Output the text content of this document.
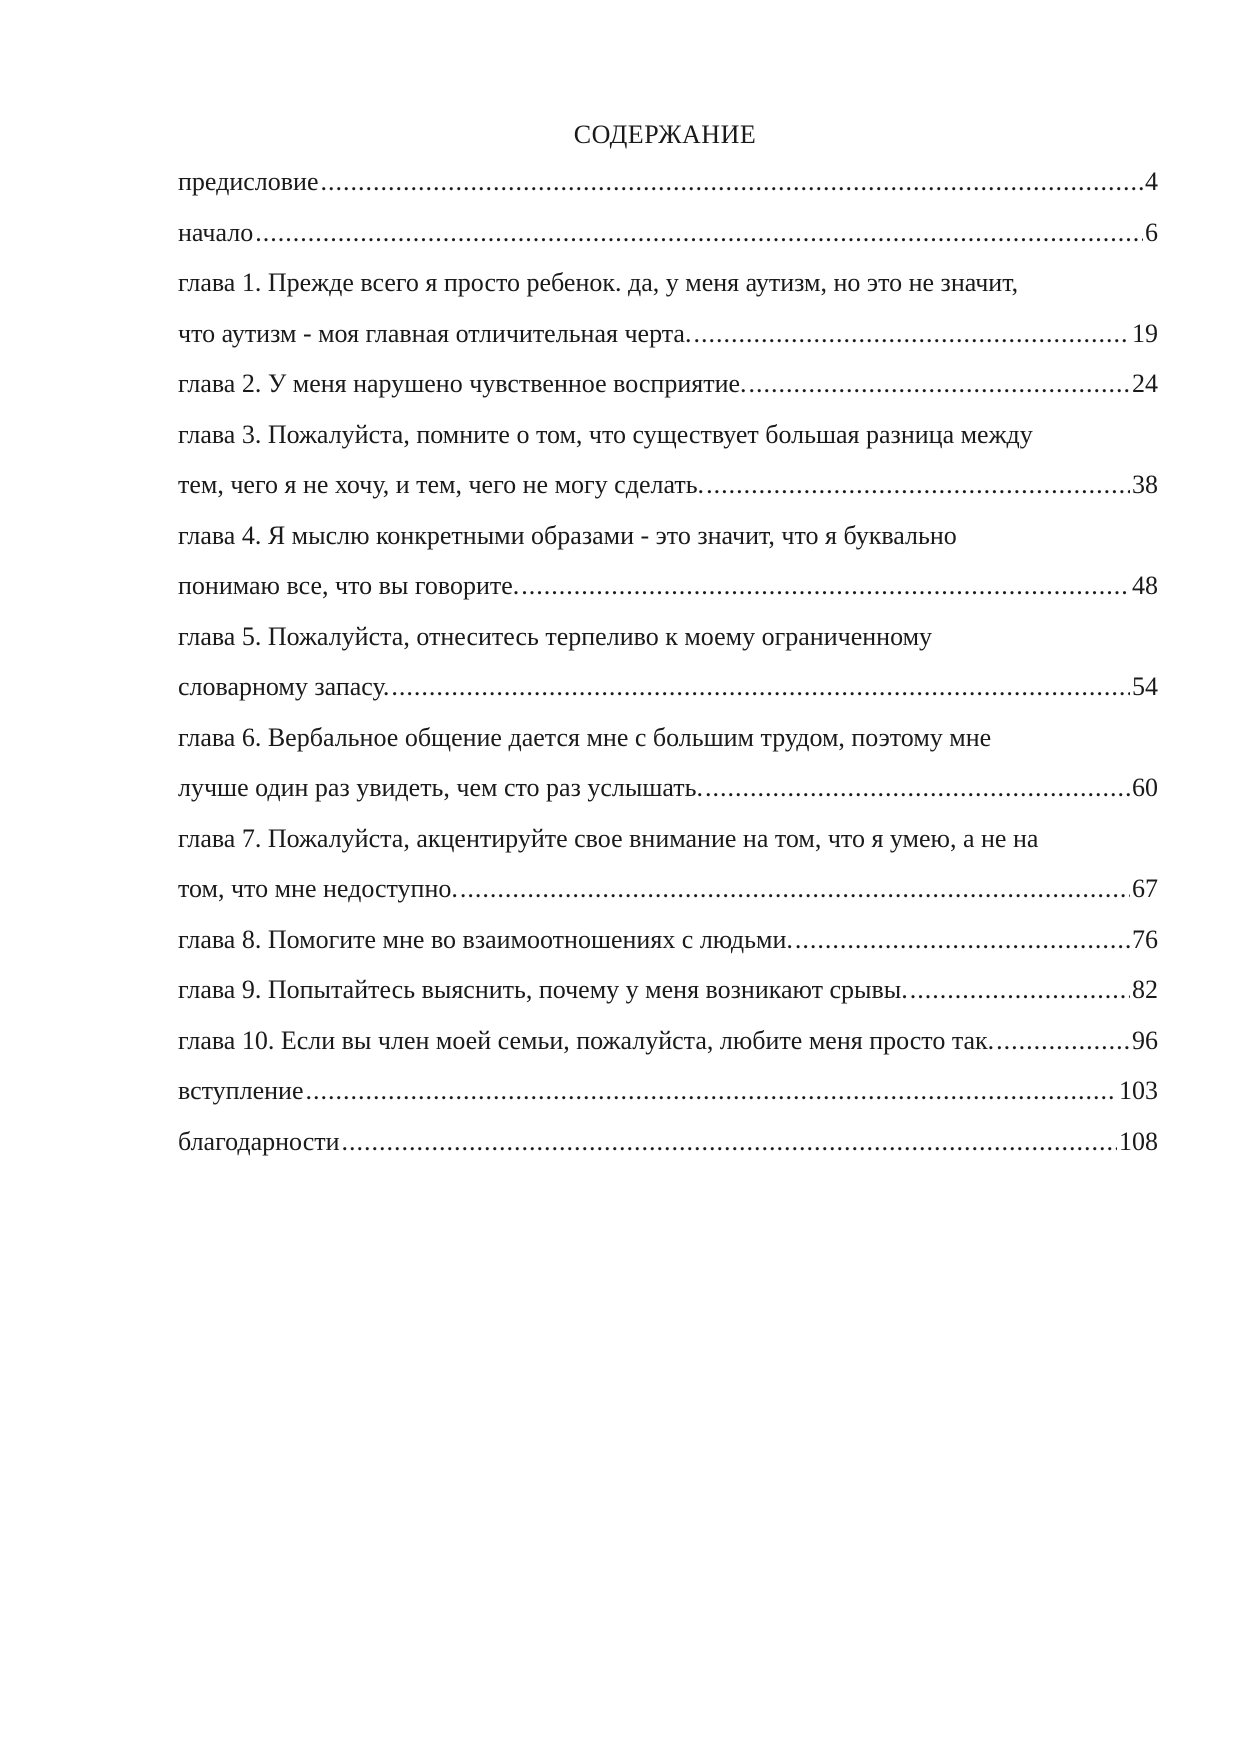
СОДЕРЖАНИЕ
предисловие .....	4
начало .....	6
глава 1. Прежде всего я просто ребенок. да, у меня аутизм, но это не значит,
что аутизм - моя главная отличительная черта. .....	19
глава 2. У меня нарушено чувственное восприятие. .....	24
глава 3. Пожалуйста, помните о том, что существует большая разница между
тем, чего я не хочу, и тем, чего не могу сделать. .....	38
глава 4. Я мыслю конкретными образами - это значит, что я буквально
понимаю все, что вы говорите. .....	48
глава 5. Пожалуйста, отнеситесь терпеливо к моему ограниченному
словарному запасу. .....	54
глава 6. Вербальное общение дается мне с большим трудом, поэтому мне
лучше один раз увидеть, чем сто раз услышать. .....	60
глава 7. Пожалуйста, акцентируйте свое внимание на том, что я умею, а не на
том, что мне недоступно. .....	67
глава 8. Помогите мне во взаимоотношениях с людьми. .....	76
глава 9. Попытайтесь выяснить, почему у меня возникают срывы. .....	82
глава 10. Если вы член моей семьи, пожалуйста, любите меня просто так. .....	96
вступление .....	103
благодарности .....	108
